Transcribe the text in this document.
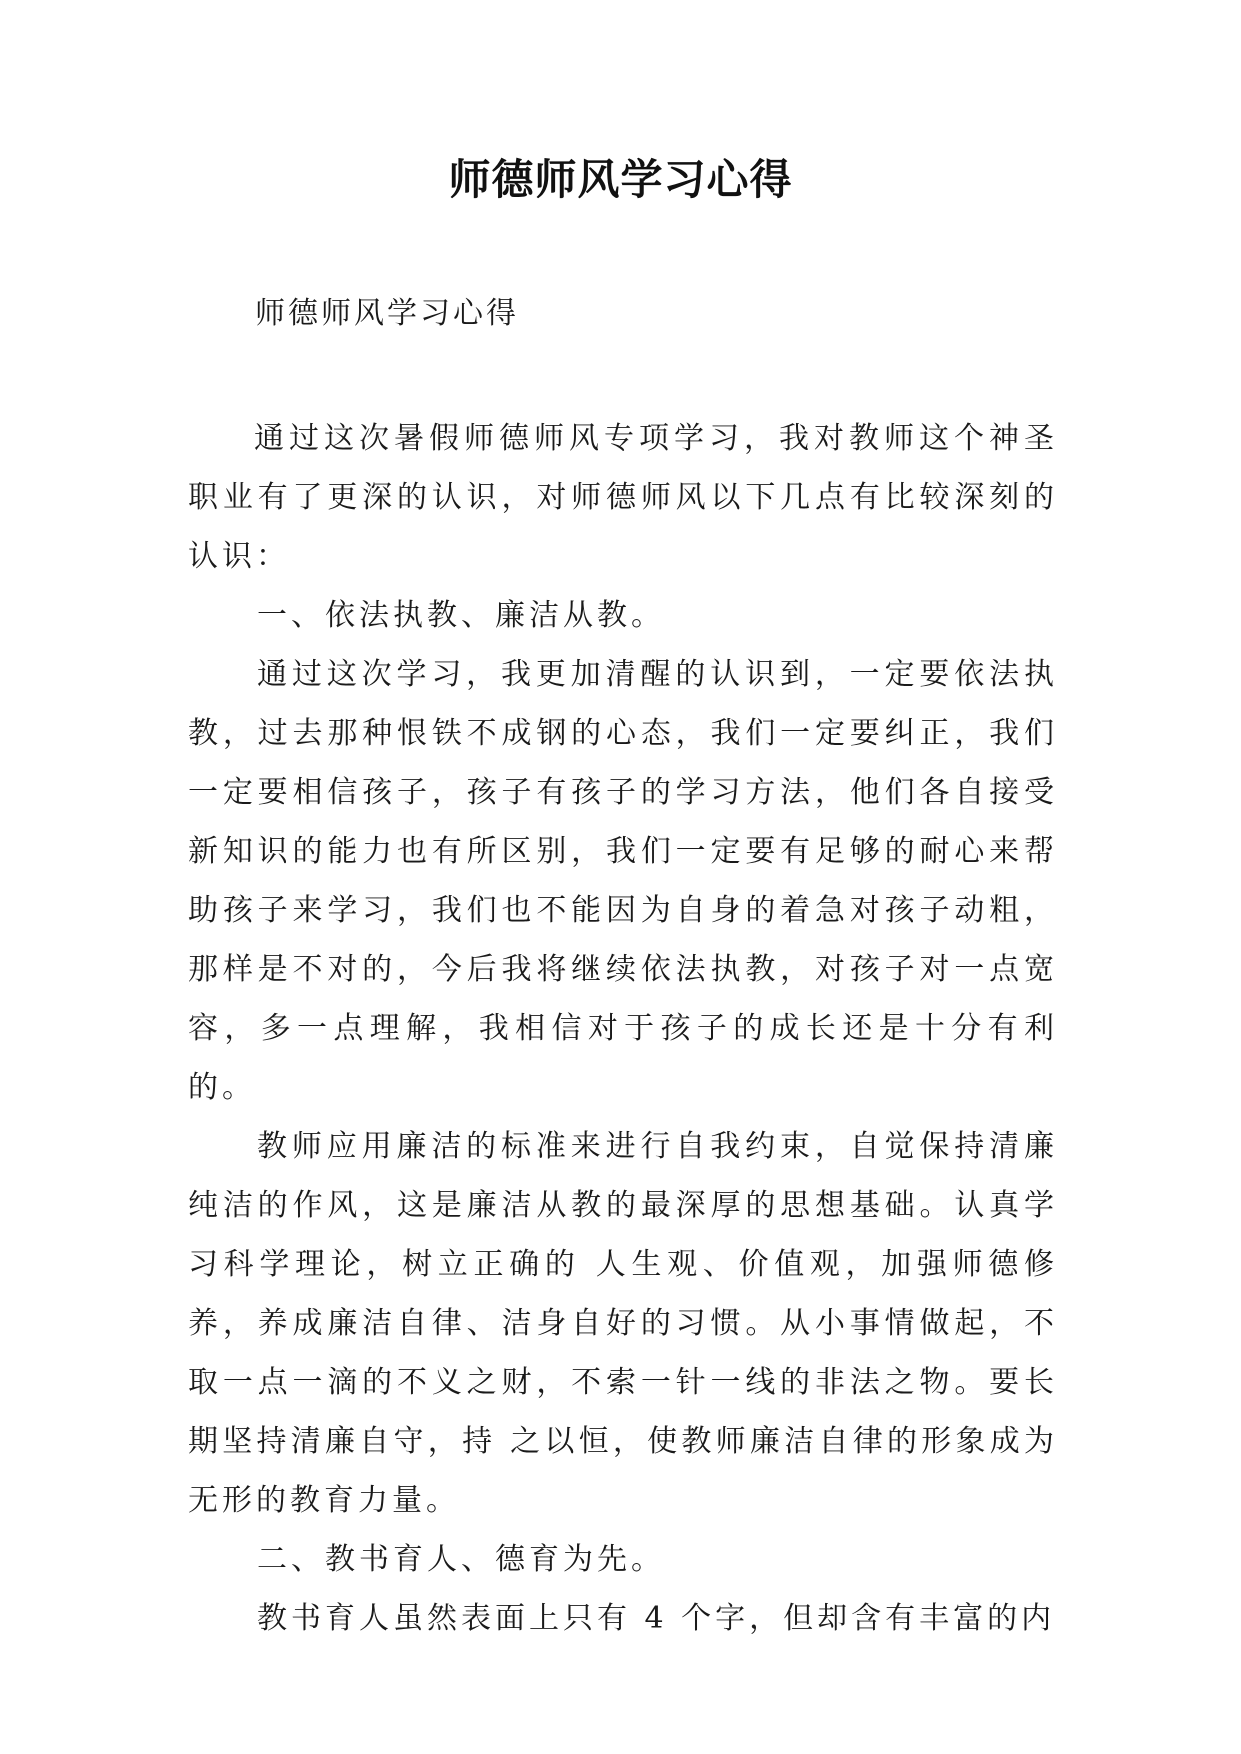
师德师风学习心得

师德师风学习心得

通过这次暑假师德师风专项学习，我对教师这个神圣职业有了更深的认识，对师德师风以下几点有比较深刻的认识：

一、依法执教、廉洁从教。

通过这次学习，我更加清醒的认识到，一定要依法执教，过去那种恨铁不成钢的心态，我们一定要纠正，我们一定要相信孩子，孩子有孩子的学习方法，他们各自接受新知识的能力也有所区别，我们一定要有足够的耐心来帮助孩子来学习，我们也不能因为自身的着急对孩子动粗，那样是不对的，今后我将继续依法执教，对孩子对一点宽容，多一点理解，我相信对于孩子的成长还是十分有利的。

教师应用廉洁的标准来进行自我约束，自觉保持清廉纯洁的作风，这是廉洁从教的最深厚的思想基础。认真学习科学理论，树立正确的 人生观、价值观，加强师德修养，养成廉洁自律、洁身自好的习惯。从小事情做起，不取一点一滴的不义之财，不索一针一线的非法之物。要长期坚持清廉自守，持 之以恒，使教师廉洁自律的形象成为无形的教育力量。

二、教书育人、德育为先。

教书育人虽然表面上只有 4 个字，但却含有丰富的内
